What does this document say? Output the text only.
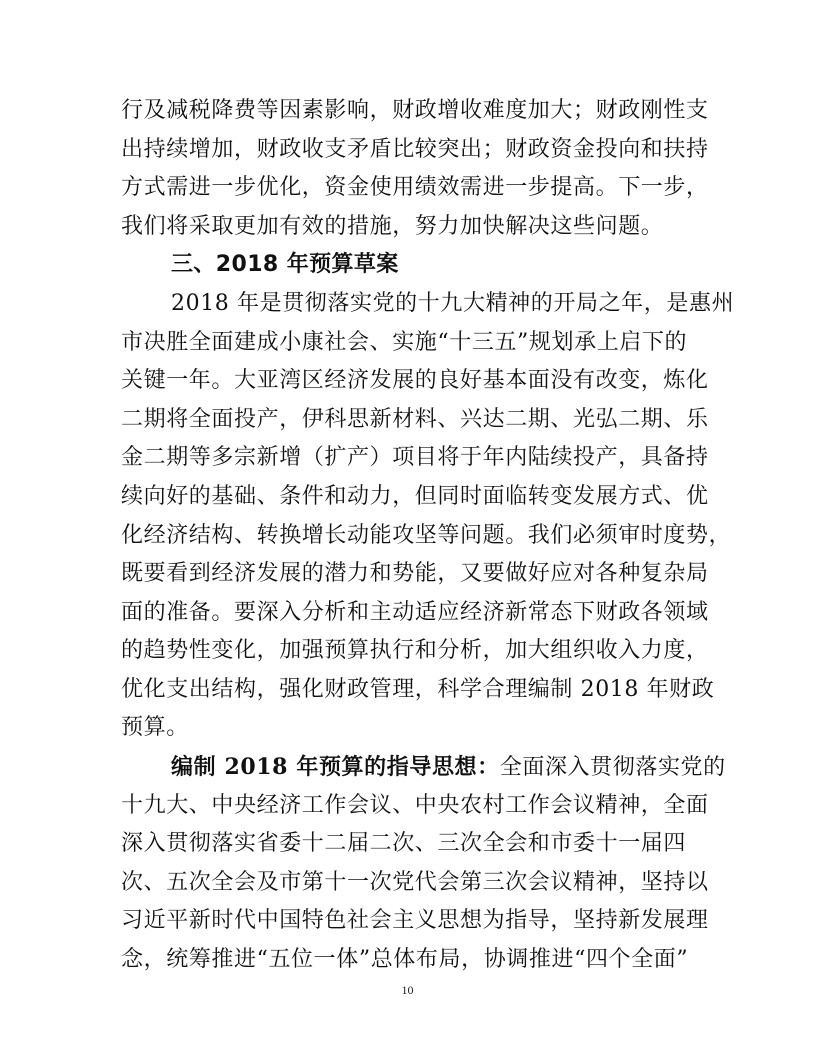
行及减税降费等因素影响，财政增收难度加大；财政刚性支
出持续增加，财政收支矛盾比较突出；财政资金投向和扶持
方式需进一步优化，资金使用绩效需进一步提高。下一步，
我们将采取更加有效的措施，努力加快解决这些问题。
三、2018 年预算草案
2018 年是贯彻落实党的十九大精神的开局之年，是惠州
市决胜全面建成小康社会、实施“十三五”规划承上启下的
关键一年。大亚湾区经济发展的良好基本面没有改变，炼化
二期将全面投产，伊科思新材料、兴达二期、光弘二期、乐
金二期等多宗新增（扩产）项目将于年内陆续投产，具备持
续向好的基础、条件和动力，但同时面临转变发展方式、优
化经济结构、转换增长动能攻坚等问题。我们必须审时度势，
既要看到经济发展的潜力和势能，又要做好应对各种复杂局
面的准备。要深入分析和主动适应经济新常态下财政各领域
的趋势性变化，加强预算执行和分析，加大组织收入力度，
优化支出结构，强化财政管理，科学合理编制 2018 年财政
预算。
编制 2018 年预算的指导思想：全面深入贯彻落实党的
十九大、中央经济工作会议、中央农村工作会议精神，全面
深入贯彻落实省委十二届二次、三次全会和市委十一届四
次、五次全会及市第十一次党代会第三次会议精神，坚持以
习近平新时代中国特色社会主义思想为指导，坚持新发展理
念，统筹推进“五位一体”总体布局，协调推进“四个全面”
10
